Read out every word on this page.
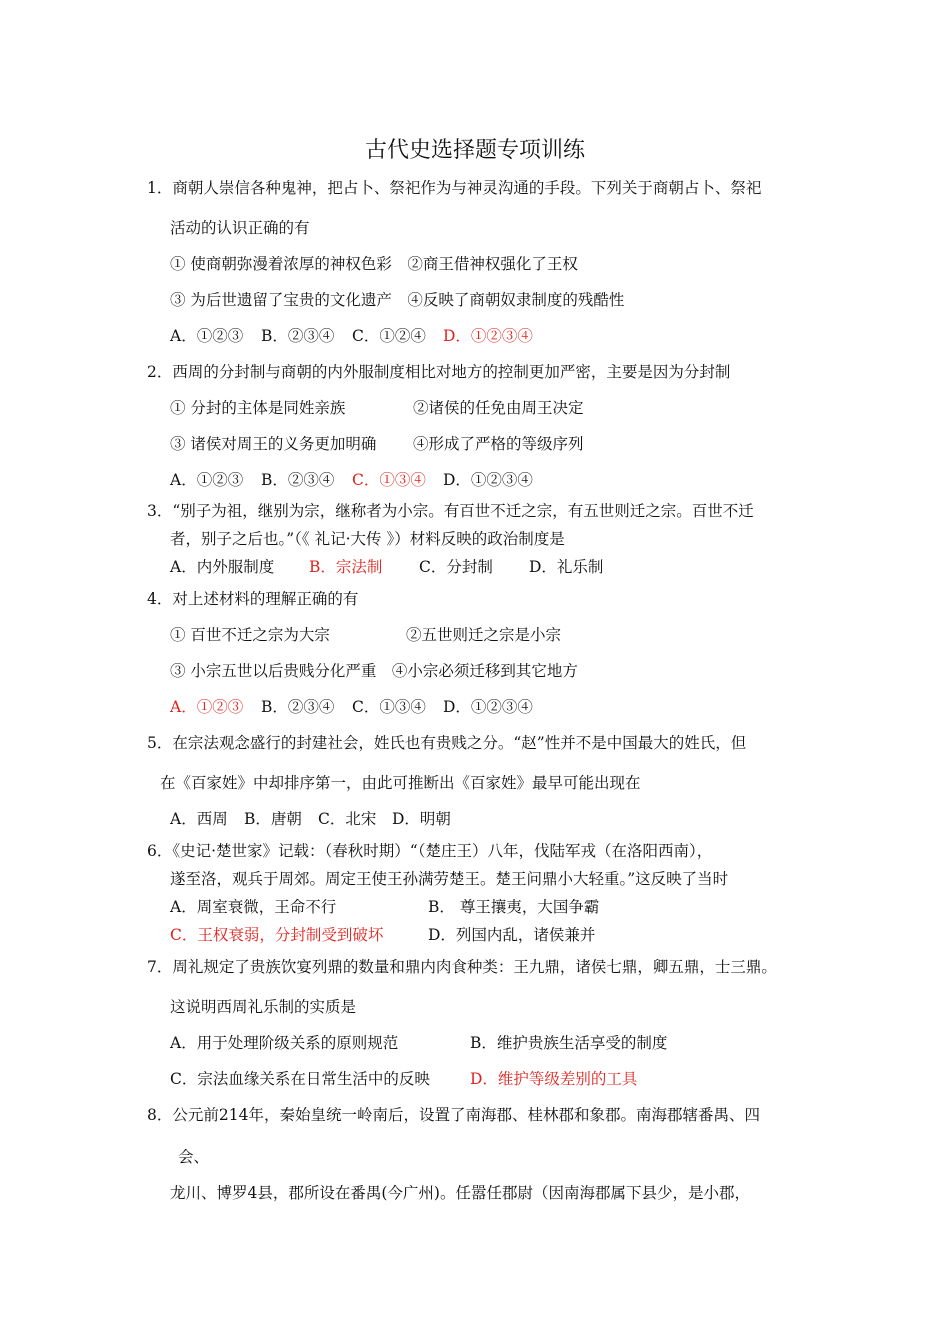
古代史选择题专项训练
1．商朝人崇信各种鬼神，把占卜、祭祀作为与神灵沟通的手段。下列关于商朝占卜、祭祀
活动的认识正确的有
① 使商朝弥漫着浓厚的神权色彩　②商王借神权强化了王权
③ 为后世遗留了宝贵的文化遗产　④反映了商朝奴隶制度的残酷性
A．①②③ B．②③④ C．①②④ D．①②③④
2．西周的分封制与商朝的内外服制度相比对地方的控制更加严密，主要是因为分封制
① 分封的主体是同姓亲族	②诸侯的任免由周王决定
③ 诸侯对周王的义务更加明确 ④形成了严格的等级序列
A．①②③ B．②③④ C．①③④ D．①②③④
3．“别子为祖，继别为宗，继称者为小宗。有百世不迁之宗，有五世则迁之宗。百世不迁
者，别子之后也。”（《 礼记·大传 》）材料反映的政治制度是
A．内外服制度 B．宗法制 C．分封制 D．礼乐制
4．对上述材料的理解正确的有
① 百世不迁之宗为大宗	②五世则迁之宗是小宗
③ 小宗五世以后贵贱分化严重　④小宗必须迁移到其它地方
A．①②③ B．②③④ C．①③④ D．①②③④
5．在宗法观念盛行的封建社会，姓氏也有贵贱之分。“赵”性并不是中国最大的姓氏，但
在《百家姓》中却排序第一，由此可推断出《百家姓》最早可能出现在
A．西周 B．唐朝 C．北宋 D．明朝
6．《史记·楚世家》记载：（春秋时期）“（楚庄王）八年，伐陆军戎（在洛阳西南），
遂至洛，观兵于周郊。周定王使王孙满劳楚王。楚王问鼎小大轻重。”这反映了当时
A．周室衰微，王命不行	B． 尊王攘夷，大国争霸
C．王权衰弱，分封制受到破坏	D．列国内乱，诸侯兼并
7．周礼规定了贵族饮宴列鼎的数量和鼎内肉食种类：王九鼎，诸侯七鼎，卿五鼎，士三鼎。
这说明西周礼乐制的实质是
A．用于处理阶级关系的原则规范	B．维护贵族生活享受的制度
C．宗法血缘关系在日常生活中的反映	D．维护等级差别的工具
8．公元前214年，秦始皇统一岭南后，设置了南海郡、桂林郡和象郡。南海郡辖番禺、四
会、
龙川、博罗4县，郡所设在番禺(今广州)。任嚣任郡尉（因南海郡属下县少，是小郡，
